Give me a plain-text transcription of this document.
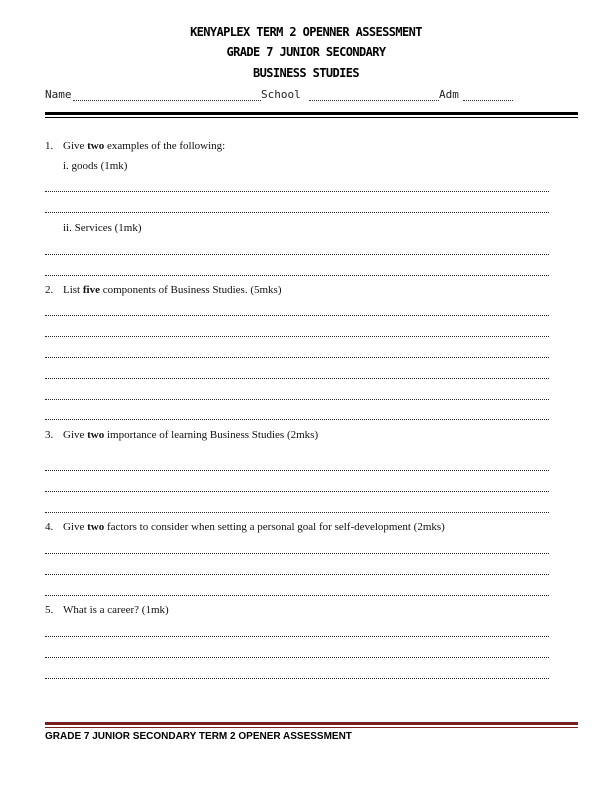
KENYAPLEX TERM 2 OPENNER ASSESSMENT
GRADE 7 JUNIOR SECONDARY
BUSINESS STUDIES
Name	School	Adm
1. Give two examples of the following:
i. goods (1mk)
ii. Services (1mk)
2. List five components of Business Studies. (5mks)
3. Give two importance of learning Business Studies (2mks)
4. Give two factors to consider when setting a personal goal for self-development (2mks)
5. What is a career? (1mk)
GRADE 7 JUNIOR SECONDARY TERM 2 OPENER ASSESSMENT
